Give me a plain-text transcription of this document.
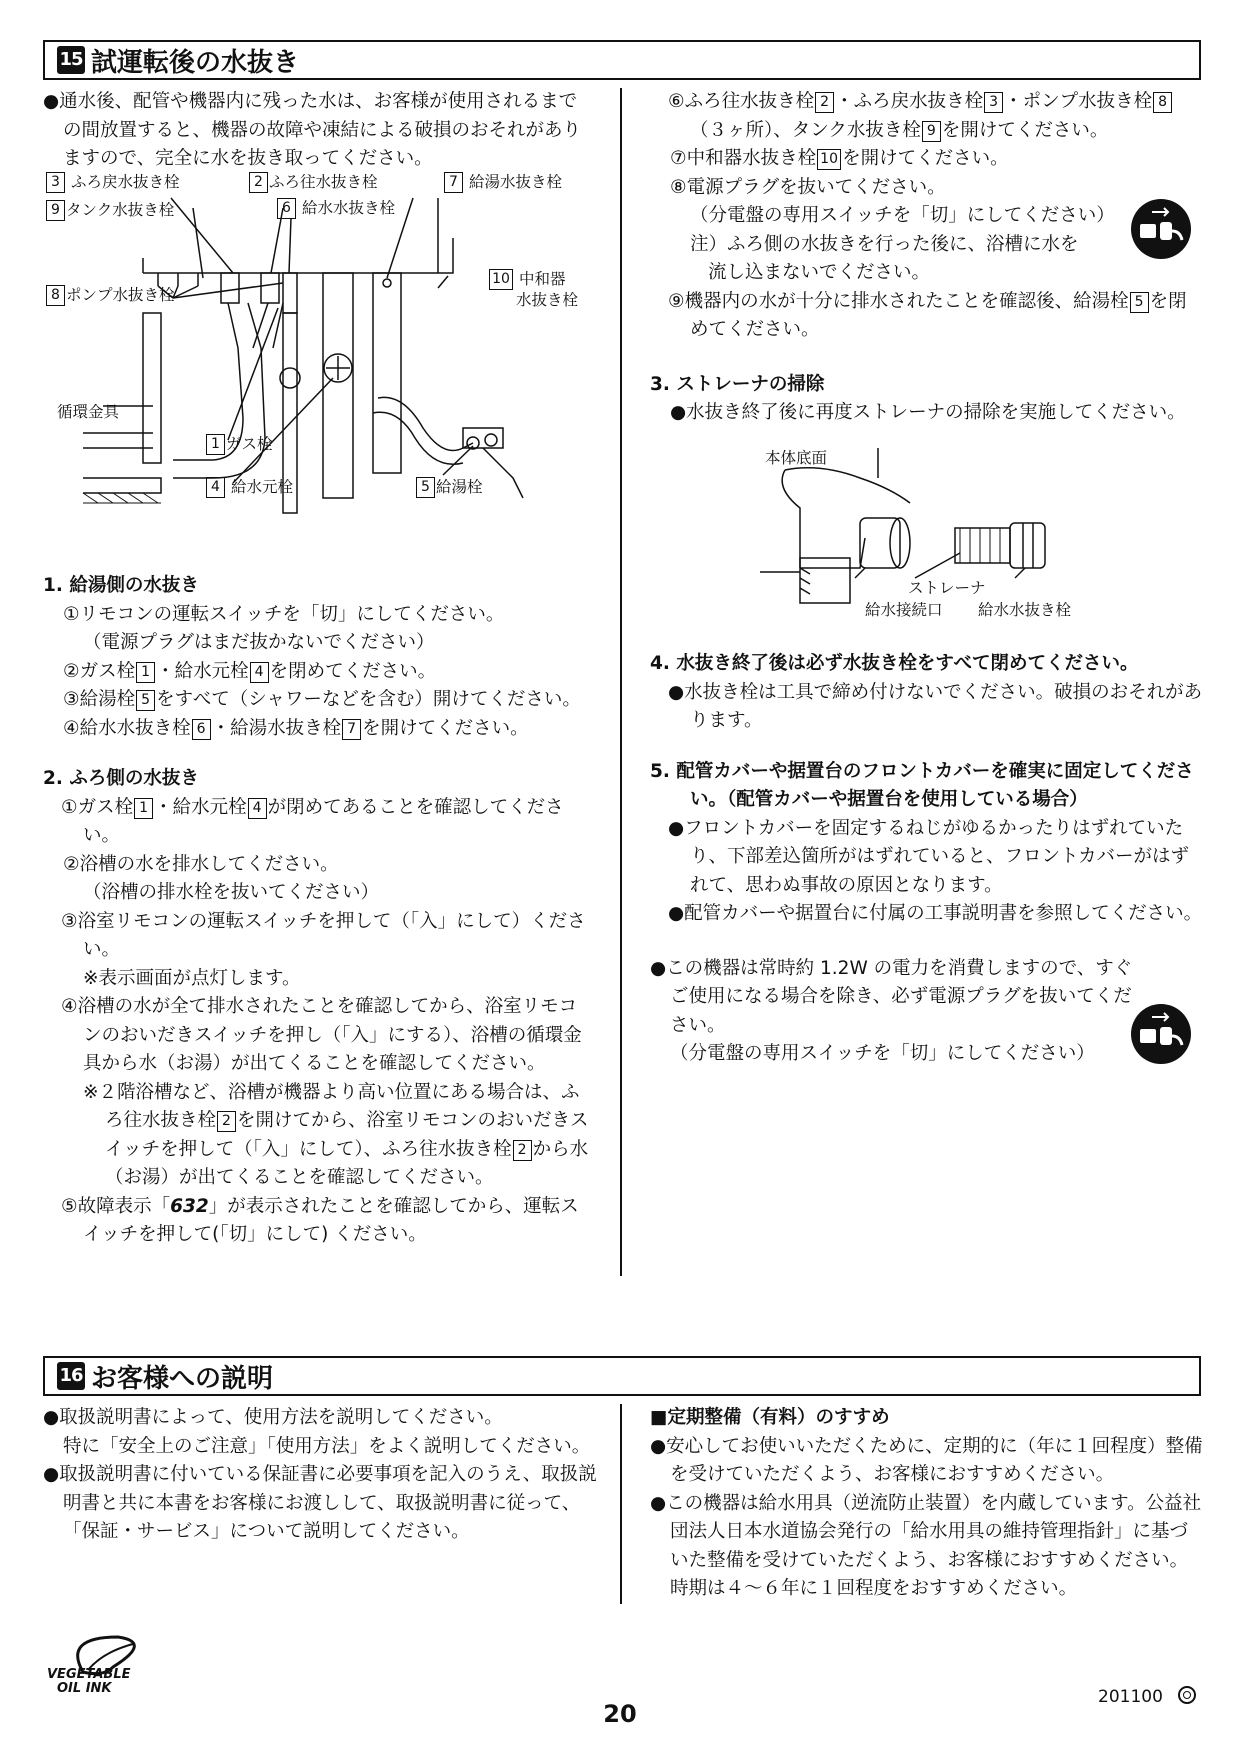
15 試運転後の水抜き

●通水後、配管や機器内に残った水は、お客様が使用されるまでの間放置すると、機器の故障や凍結による破損のおそれがありますので、完全に水を抜き取ってください。

3 ふろ戻水抜き栓	2 ふろ往水抜き栓	7 給湯水抜き栓
9 タンク水抜き栓	6 給水水抜き栓
10 中和器
水抜き栓
8 ポンプ水抜き栓
循環金具
1 ガス栓
4 給水元栓	5 給湯栓

1. 給湯側の水抜き

①リモコンの運転スイッチを「切」にしてください。

（電源プラグはまだ抜かないでください）

②ガス栓 1 ・給水元栓 4 を閉めてください。

③給湯栓 5 をすべて（シャワーなどを含む）開けてください。

④給水水抜き栓 6 ・給湯水抜き栓 7 を開けてください。

2. ふろ側の水抜き

①ガス栓 1 ・給水元栓 4 が閉めてあることを確認してください。

②浴槽の水を排水してください。

（浴槽の排水栓を抜いてください）

③浴室リモコンの運転スイッチを押して（「入」にして）ください。

※表示画面が点灯します。

④浴槽の水が全て排水されたことを確認してから、浴室リモコンのおいだきスイッチを押し（「入」にする）、浴槽の循環金具から水（お湯）が出てくることを確認してください。

※２階浴槽など、浴槽が機器より高い位置にある場合は、ふろ往水抜き栓 2 を開けてから、浴室リモコンのおいだきスイッチを押して（「入」にして）、ふろ往水抜き栓 2 から水（お湯）が出てくることを確認してください。

⑤故障表示「632」が表示されたことを確認してから、運転スイッチを押して(「切」にして) ください。

⑥ふろ往水抜き栓 2 ・ふろ戻水抜き栓 3 ・ポンプ水抜き栓 8（３ヶ所）、タンク水抜き栓 9 を開けてください。

⑦中和器水抜き栓 10 を開けてください。

⑧電源プラグを抜いてください。

（分電盤の専用スイッチを「切」にしてください）

注）ふろ側の水抜きを行った後に、浴槽に水を

流し込まないでください。

⑨機器内の水が十分に排水されたことを確認後、給湯栓 5 を閉めてください。

3. ストレーナの掃除

●水抜き終了後に再度ストレーナの掃除を実施してください。

本体底面
ストレーナ
給水接続口 給水水抜き栓

4. 水抜き終了後は必ず水抜き栓をすべて閉めてください。

●水抜き栓は工具で締め付けないでください。破損のおそれがあります。

5. 配管カバーや据置台のフロントカバーを確実に固定してください。（配管カバーや据置台を使用している場合）

●フロントカバーを固定するねじがゆるかったりはずれていたり、下部差込箇所がはずれていると、フロントカバーがはずれて、思わぬ事故の原因となります。

●配管カバーや据置台に付属の工事説明書を参照してください。

●この機器は常時約 1.2W の電力を消費しますので、すぐご使用になる場合を除き、必ず電源プラグを抜いてください。

（分電盤の専用スイッチを「切」にしてください）

16 お客様への説明

●取扱説明書によって、使用方法を説明してください。

特に「安全上のご注意」「使用方法」をよく説明してください。

●取扱説明書に付いている保証書に必要事項を記入のうえ、取扱説明書と共に本書をお客様にお渡しして、取扱説明書に従って、「保証・サービス」について説明してください。

■定期整備（有料）のすすめ

●安心してお使いいただくために、定期的に（年に１回程度）整備を受けていただくよう、お客様におすすめください。

●この機器は給水用具（逆流防止装置）を内蔵しています。公益社団法人日本水道協会発行の「給水用具の維持管理指針」に基づいた整備を受けていただくよう、お客様におすすめください。時期は４～６年に１回程度をおすすめください。

VEGETABLE
OIL INK
20
201100
